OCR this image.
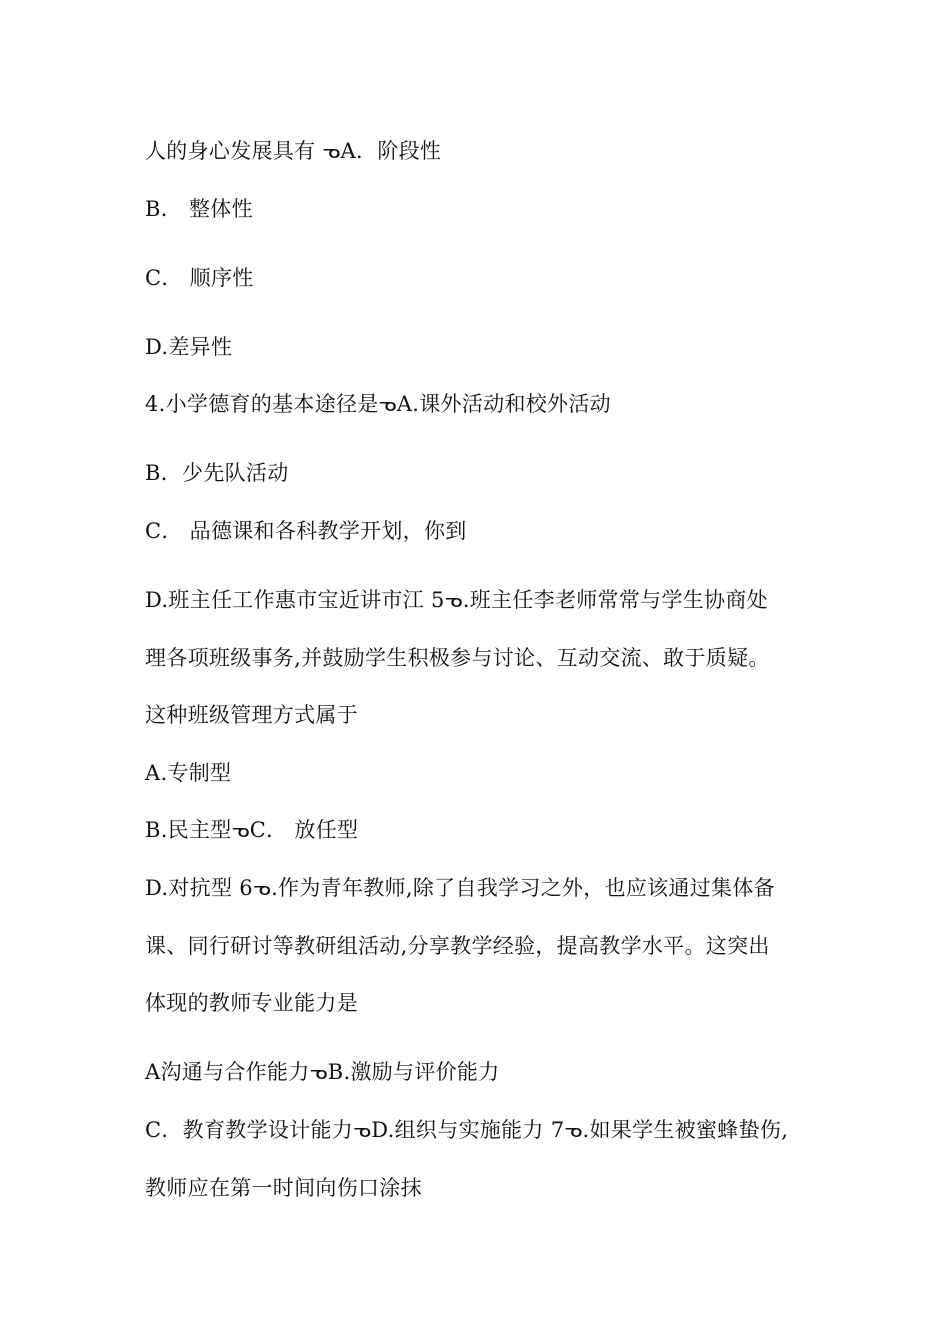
人的身心发展具有 ﻿ᓀA．阶段性
B． 整体性
C． 顺序性
D.差异性
4.小学德育的基本途径是ᓀA.课外活动和校外活动
B．少先队活动
C． 品德课和各科教学开划，你到
D.班主任工作惠市宝近讲市江 5ᓀ.班主任李老师常常与学生协商处
理各项班级事务,并鼓励学生积极参与讨论、互动交流、敢于质疑。
这种班级管理方式属于
A.专制型
B.民主型ᓀC． 放任型
D.对抗型 6ᓀ.作为青年教师,除了自我学习之外，也应该通过集体备
课、同行研讨等教研组活动,分享教学经验，提高教学水平。这突出
体现的教师专业能力是
A沟通与合作能力ᓀB.激励与评价能力
C．教育教学设计能力ᓀD.组织与实施能力 7ᓀ.如果学生被蜜蜂蛰伤,
教师应在第一时间向伤口涂抹
